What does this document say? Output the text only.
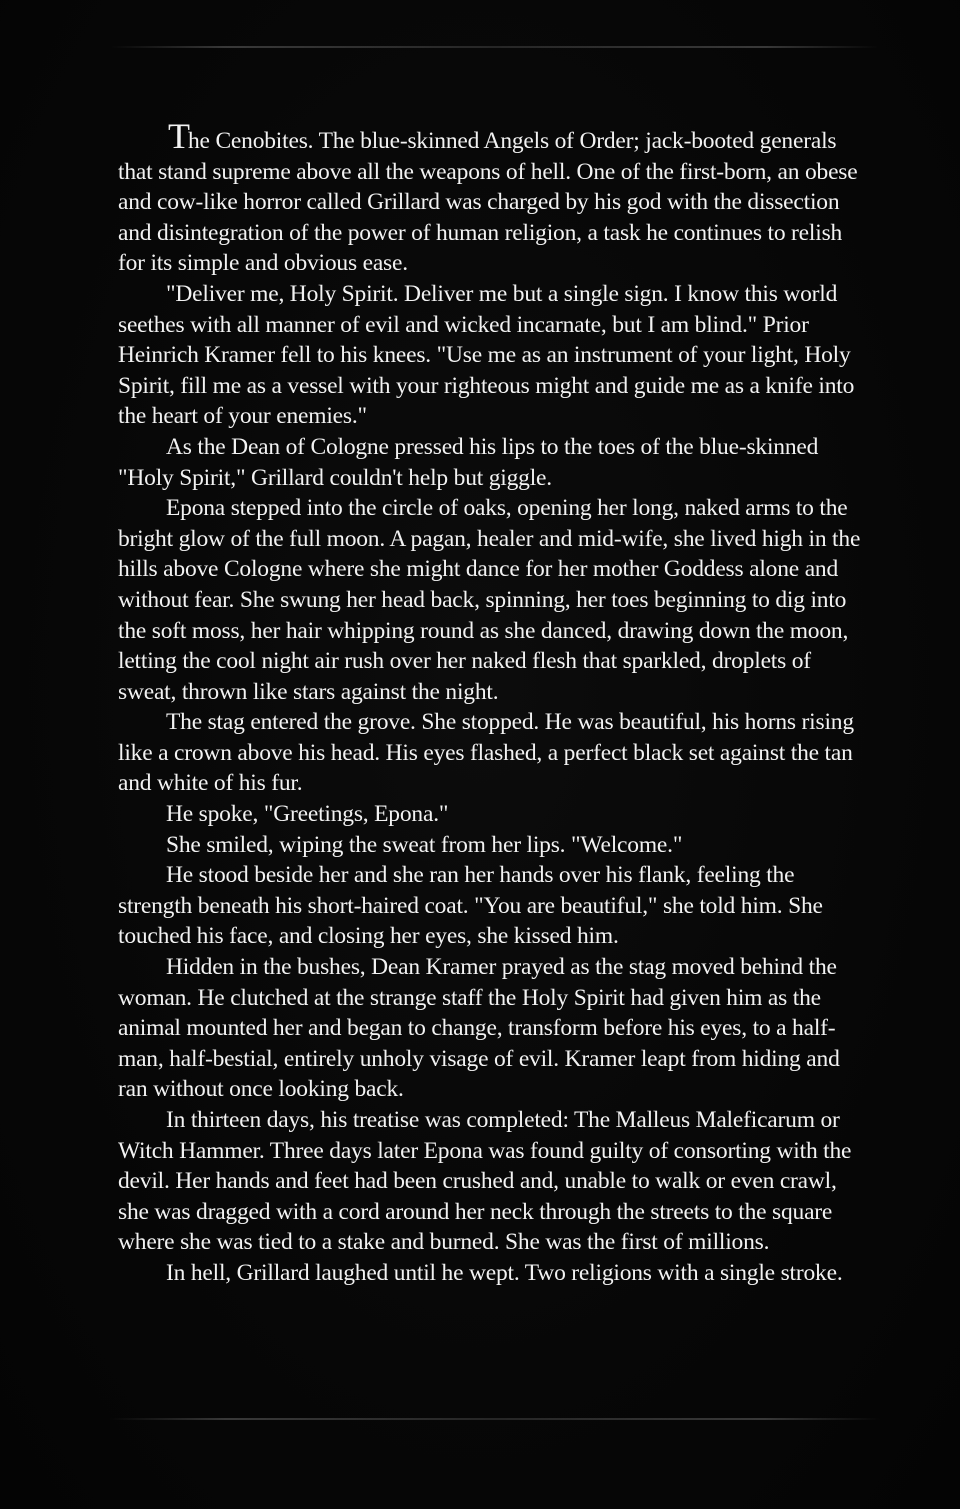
The Cenobites. The blue-skinned Angels of Order; jack-booted generals that stand supreme above all the weapons of hell. One of the first-born, an obese and cow-like horror called Grillard was charged by his god with the dissection and disintegration of the power of human religion, a task he continues to relish for its simple and obvious ease.

"Deliver me, Holy Spirit. Deliver me but a single sign. I know this world seethes with all manner of evil and wicked incarnate, but I am blind." Prior Heinrich Kramer fell to his knees. "Use me as an instrument of your light, Holy Spirit, fill me as a vessel with your righteous might and guide me as a knife into the heart of your enemies."

As the Dean of Cologne pressed his lips to the toes of the blue-skinned "Holy Spirit," Grillard couldn't help but giggle.

Epona stepped into the circle of oaks, opening her long, naked arms to the bright glow of the full moon. A pagan, healer and mid-wife, she lived high in the hills above Cologne where she might dance for her mother Goddess alone and without fear. She swung her head back, spinning, her toes beginning to dig into the soft moss, her hair whipping round as she danced, drawing down the moon, letting the cool night air rush over her naked flesh that sparkled, droplets of sweat, thrown like stars against the night.

The stag entered the grove. She stopped. He was beautiful, his horns rising like a crown above his head. His eyes flashed, a perfect black set against the tan and white of his fur.

He spoke, "Greetings, Epona."

She smiled, wiping the sweat from her lips. "Welcome."

He stood beside her and she ran her hands over his flank, feeling the strength beneath his short-haired coat. "You are beautiful," she told him. She touched his face, and closing her eyes, she kissed him.

Hidden in the bushes, Dean Kramer prayed as the stag moved behind the woman. He clutched at the strange staff the Holy Spirit had given him as the animal mounted her and began to change, transform before his eyes, to a half-man, half-bestial, entirely unholy visage of evil. Kramer leapt from hiding and ran without once looking back.

In thirteen days, his treatise was completed: The Malleus Maleficarum or Witch Hammer. Three days later Epona was found guilty of consorting with the devil. Her hands and feet had been crushed and, unable to walk or even crawl, she was dragged with a cord around her neck through the streets to the square where she was tied to a stake and burned. She was the first of millions.

In hell, Grillard laughed until he wept. Two religions with a single stroke.
